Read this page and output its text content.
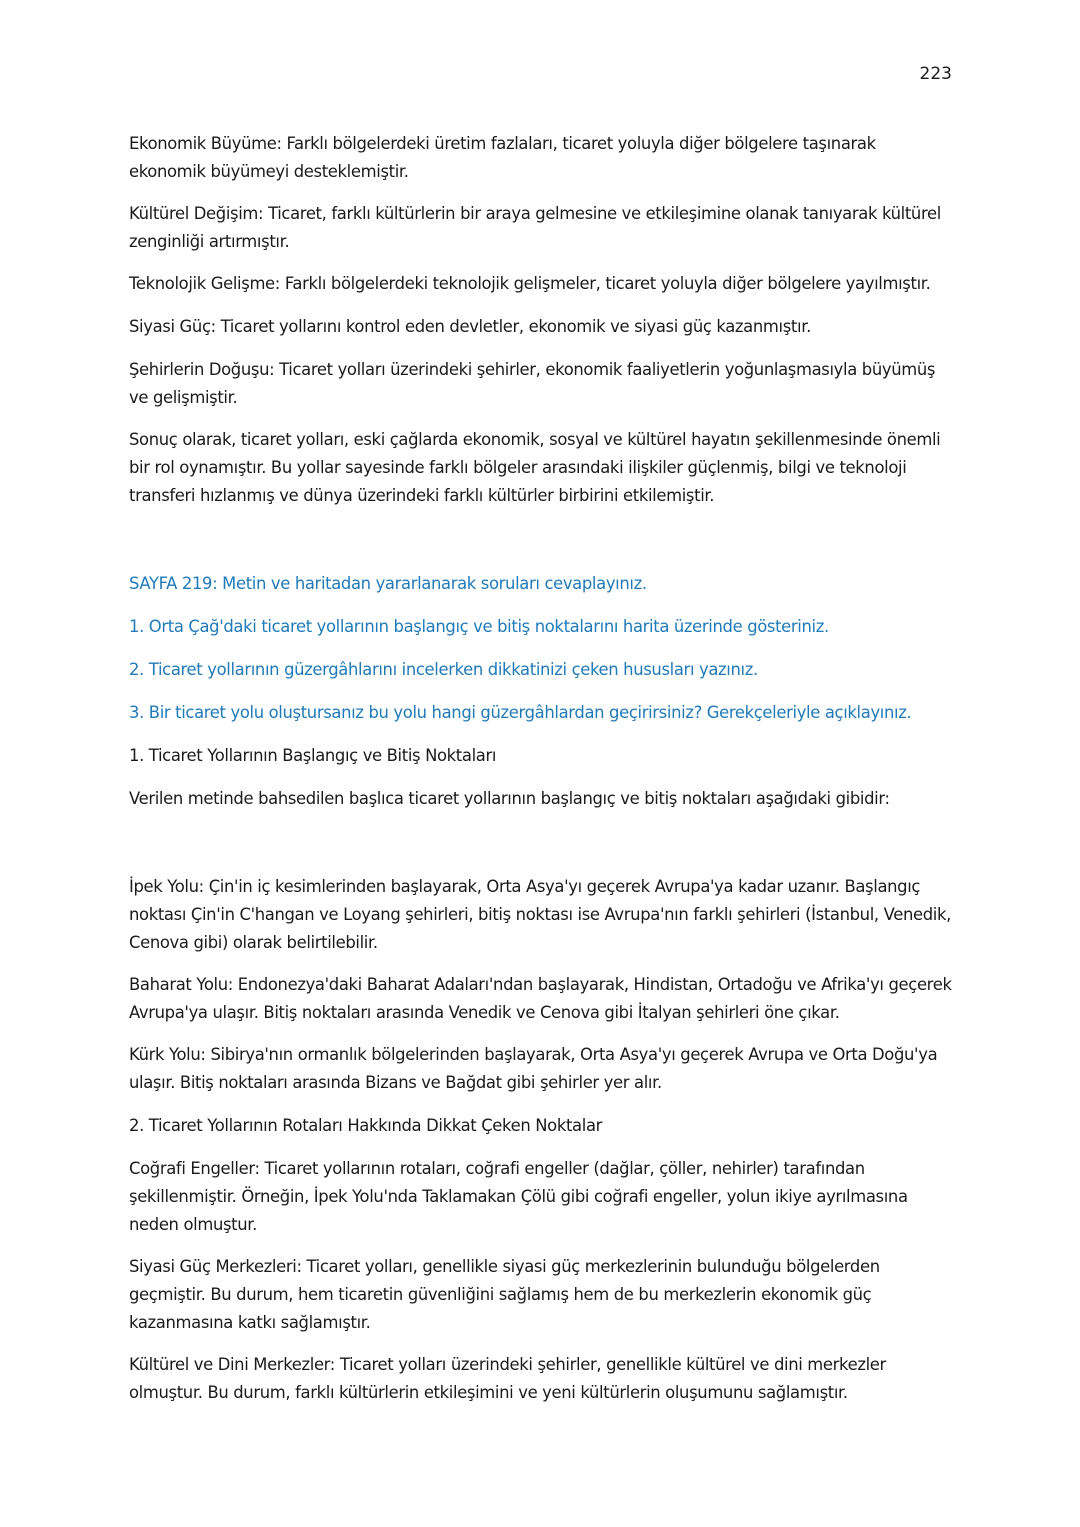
223

Ekonomik Büyüme: Farklı bölgelerdeki üretim fazlaları, ticaret yoluyla diğer bölgelere taşınarak ekonomik büyümeyi desteklemiştir.

Kültürel Değişim: Ticaret, farklı kültürlerin bir araya gelmesine ve etkileşimine olanak tanıyarak kültürel zenginliği artırmıştır.

Teknolojik Gelişme: Farklı bölgelerdeki teknolojik gelişmeler, ticaret yoluyla diğer bölgelere yayılmıştır.

Siyasi Güç: Ticaret yollarını kontrol eden devletler, ekonomik ve siyasi güç kazanmıştır.

Şehirlerin Doğuşu: Ticaret yolları üzerindeki şehirler, ekonomik faaliyetlerin yoğunlaşmasıyla büyümüş ve gelişmiştir.

Sonuç olarak, ticaret yolları, eski çağlarda ekonomik, sosyal ve kültürel hayatın şekillenmesinde önemli bir rol oynamıştır. Bu yollar sayesinde farklı bölgeler arasındaki ilişkiler güçlenmiş, bilgi ve teknoloji transferi hızlanmış ve dünya üzerindeki farklı kültürler birbirini etkilemiştir.

SAYFA 219: Metin ve haritadan yararlanarak soruları cevaplayınız.

1. Orta Çağ'daki ticaret yollarının başlangıç ve bitiş noktalarını harita üzerinde gösteriniz.

2. Ticaret yollarının güzergâhlarını incelerken dikkatinizi çeken hususları yazınız.

3. Bir ticaret yolu oluştursanız bu yolu hangi güzergâhlardan geçirirsiniz? Gerekçeleriyle açıklayınız.

1. Ticaret Yollarının Başlangıç ve Bitiş Noktaları

Verilen metinde bahsedilen başlıca ticaret yollarının başlangıç ve bitiş noktaları aşağıdaki gibidir:

İpek Yolu: Çin'in iç kesimlerinden başlayarak, Orta Asya'yı geçerek Avrupa'ya kadar uzanır. Başlangıç noktası Çin'in C'hangan ve Loyang şehirleri, bitiş noktası ise Avrupa'nın farklı şehirleri (İstanbul, Venedik, Cenova gibi) olarak belirtilebilir.

Baharat Yolu: Endonezya'daki Baharat Adaları'ndan başlayarak, Hindistan, Ortadoğu ve Afrika'yı geçerek Avrupa'ya ulaşır. Bitiş noktaları arasında Venedik ve Cenova gibi İtalyan şehirleri öne çıkar.

Kürk Yolu: Sibirya'nın ormanlık bölgelerinden başlayarak, Orta Asya'yı geçerek Avrupa ve Orta Doğu'ya ulaşır. Bitiş noktaları arasında Bizans ve Bağdat gibi şehirler yer alır.

2. Ticaret Yollarının Rotaları Hakkında Dikkat Çeken Noktalar

Coğrafi Engeller: Ticaret yollarının rotaları, coğrafi engeller (dağlar, çöller, nehirler) tarafından şekillenmiştir. Örneğin, İpek Yolu'nda Taklamakan Çölü gibi coğrafi engeller, yolun ikiye ayrılmasına neden olmuştur.

Siyasi Güç Merkezleri: Ticaret yolları, genellikle siyasi güç merkezlerinin bulunduğu bölgelerden geçmiştir. Bu durum, hem ticaretin güvenliğini sağlamış hem de bu merkezlerin ekonomik güç kazanmasına katkı sağlamıştır.

Kültürel ve Dini Merkezler: Ticaret yolları üzerindeki şehirler, genellikle kültürel ve dini merkezler olmuştur. Bu durum, farklı kültürlerin etkileşimini ve yeni kültürlerin oluşumunu sağlamıştır.
